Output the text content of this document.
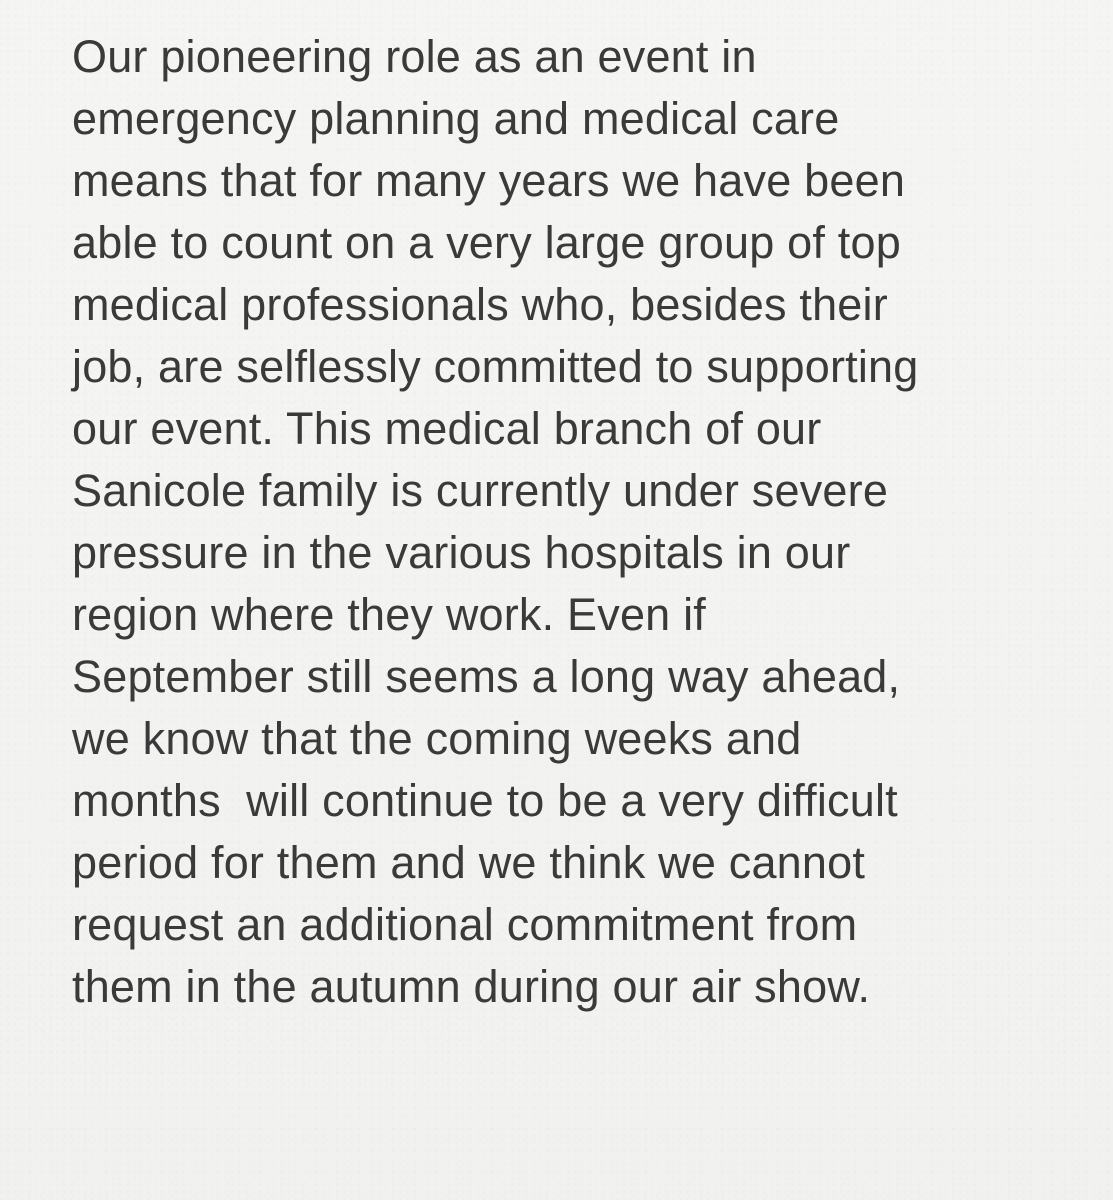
Our pioneering role as an event in
emergency planning and medical care
means that for many years we have been
able to count on a very large group of top
medical professionals who, besides their
job, are selflessly committed to supporting
our event. This medical branch of our
Sanicole family is currently under severe
pressure in the various hospitals in our
region where they work. Even if
September still seems a long way ahead,
we know that the coming weeks and
months  will continue to be a very difficult
period for them and we think we cannot
request an additional commitment from
them in the autumn during our air show.
